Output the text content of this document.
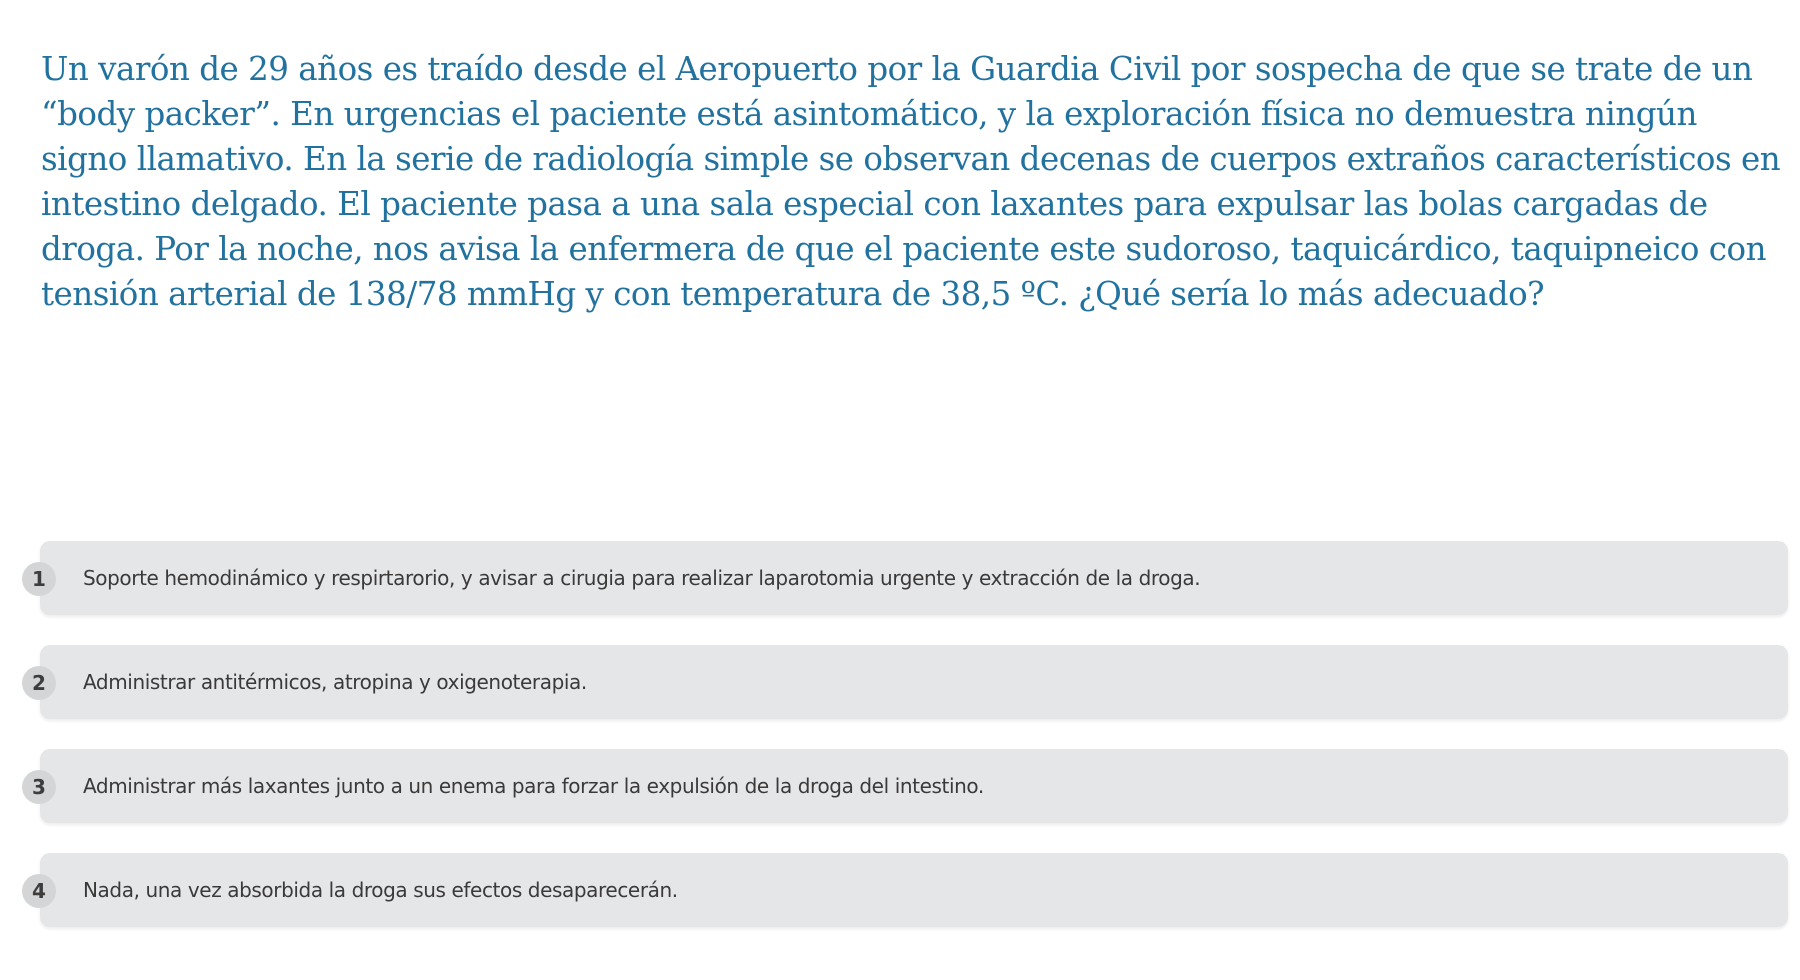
Un varón de 29 años es traído desde el Aeropuerto por la Guardia Civil por sospecha de que se trate de un “body packer”. En urgencias el paciente está asintomático, y la exploración física no demuestra ningún signo llamativo. En la serie de radiología simple se observan decenas de cuerpos extraños característicos en intestino delgado. El paciente pasa a una sala especial con laxantes para expulsar las bolas cargadas de droga. Por la noche, nos avisa la enfermera de que el paciente este sudoroso, taquicárdico, taquipneico con tensión arterial de 138/78 mmHg y con temperatura de 38,5 ºC. ¿Qué sería lo más adecuado?

1	Soporte hemodinámico y respirtarorio, y avisar a cirugia para realizar laparotomia urgente y extracción de la droga.
2	Administrar antitérmicos, atropina y oxigenoterapia.
3	Administrar más laxantes junto a un enema para forzar la expulsión de la droga del intestino.
4	Nada, una vez absorbida la droga sus efectos desaparecerán.
